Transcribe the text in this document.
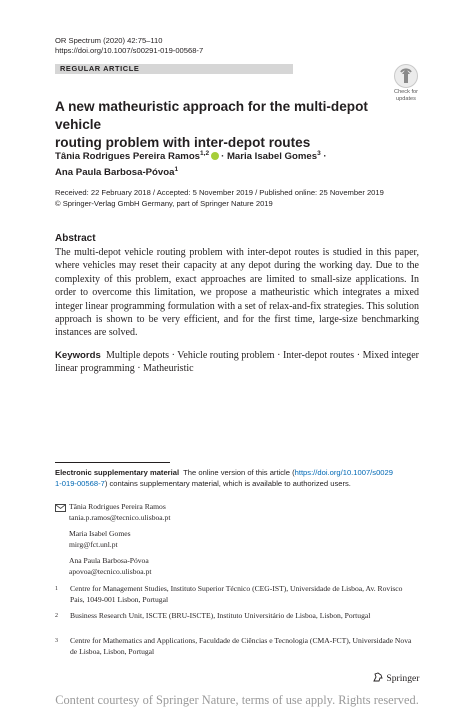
OR Spectrum (2020) 42:75–110
https://doi.org/10.1007/s00291-019-00568-7
REGULAR ARTICLE
Check for
updates
A new matheuristic approach for the multi-depot vehicle
routing problem with inter-depot routes
Tânia Rodrigues Pereira Ramos$^{1,2}$ · Maria Isabel Gomes$^3$ ·
Ana Paula Barbosa-Póvoa$^1$
Received: 22 February 2018 / Accepted: 5 November 2019 / Published online: 25 November 2019
© Springer-Verlag GmbH Germany, part of Springer Nature 2019
Abstract
The multi-depot vehicle routing problem with inter-depot routes is studied in this paper, where vehicles may reset their capacity at any depot during the working day. Due to the complexity of this problem, exact approaches are limited to small-size applications. In order to overcome this limitation, we propose a matheuristic which integrates a mixed integer linear programming formulation with a set of relax-and-fix strategies. This solution approach is shown to be very efficient, and for the first time, large-size benchmarking instances are solved.
Keywords Multiple depots · Vehicle routing problem · Inter-depot routes · Mixed integer linear programming · Matheuristic
Electronic supplementary material The online version of this article (https://doi.org/10.1007/s0029
1-019-00568-7) contains supplementary material, which is available to authorized users.
Tânia Rodrigues Pereira Ramos
tania.p.ramos@tecnico.ulisboa.pt
Maria Isabel Gomes
mirg@fct.unl.pt
Ana Paula Barbosa-Póvoa
apovoa@tecnico.ulisboa.pt
1 Centre for Management Studies, Instituto Superior Técnico (CEG-IST), Universidade de Lisboa, Av. Rovisco Pais, 1049-001 Lisbon, Portugal
2 Business Research Unit, ISCTE (BRU-ISCTE), Instituto Universitário de Lisboa, Lisbon, Portugal
3 Centre for Mathematics and Applications, Faculdade de Ciências e Tecnologia (CMA-FCT), Universidade Nova de Lisboa, Lisbon, Portugal
Springer
Content courtesy of Springer Nature, terms of use apply. Rights reserved.
